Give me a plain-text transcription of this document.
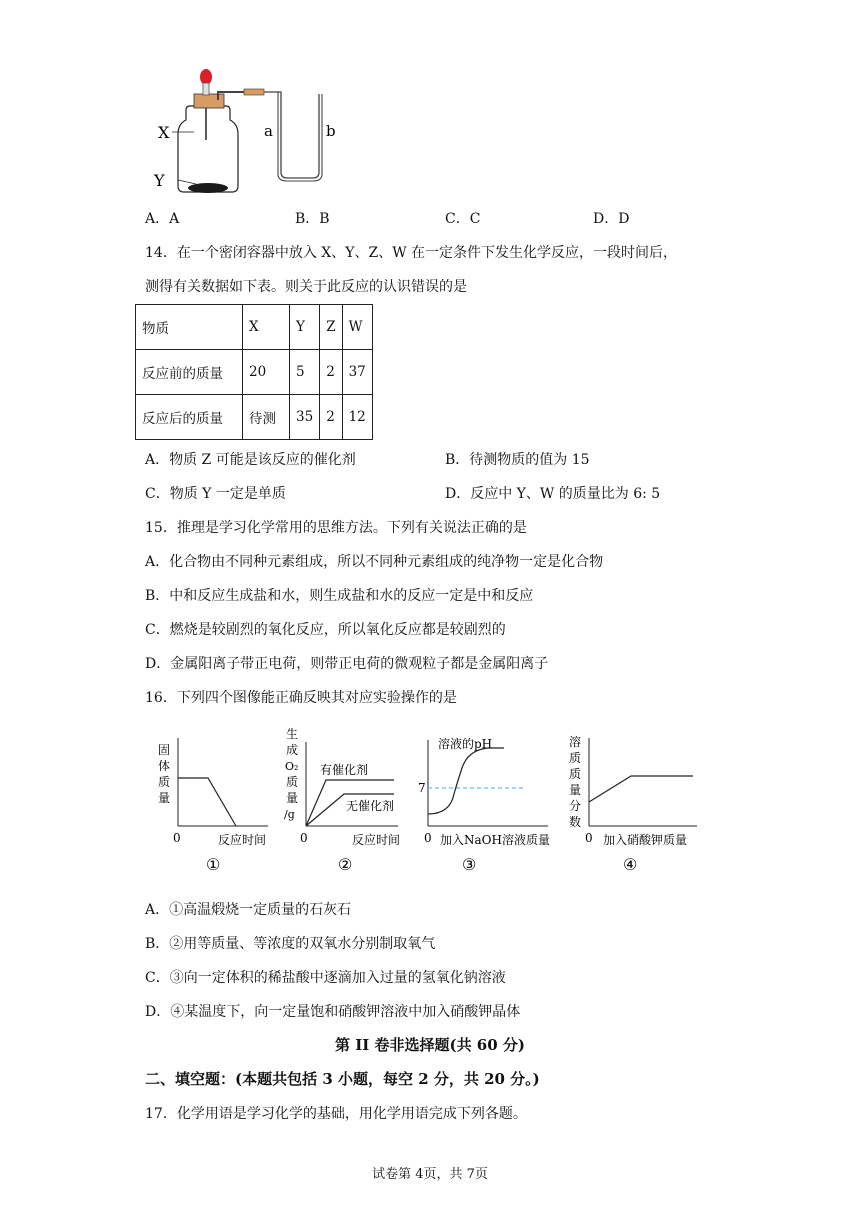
X
Y
a	b
A．A	B．B	C．C	D．D
14．在一个密闭容器中放入 X、Y、Z、W 在一定条件下发生化学反应，一段时间后，
测得有关数据如下表。则关于此反应的认识错误的是
物质	X	Y	Z	W
反应前的质量	20	5	2	37
反应后的质量	待测	35	2	12
A．物质 Z 可能是该反应的催化剂	B．待测物质的值为 15
C．物质 Y 一定是单质	D．反应中 Y、W 的质量比为 6: 5
15．推理是学习化学常用的思维方法。下列有关说法正确的是
A．化合物由不同种元素组成，所以不同种元素组成的纯净物一定是化合物
B．中和反应生成盐和水，则生成盐和水的反应一定是中和反应
C．燃烧是较剧烈的氧化反应，所以氧化反应都是较剧烈的
D．金属阳离子带正电荷，则带正电荷的微观粒子都是金属阳离子
16．下列四个图像能正确反映其对应实验操作的是
固
体
质
量
0	反应时间
①
生
成
O₂
质
量
/g
有催化剂
无催化剂
0	反应时间
②
溶液的pH
7
0 加入NaOH溶液质量
③
溶
质
质
量
分
数
0 加入硝酸钾质量
④
A．①高温煅烧一定质量的石灰石
B．②用等质量、等浓度的双氧水分别制取氧气
C．③向一定体积的稀盐酸中逐滴加入过量的氢氧化钠溶液
D．④某温度下，向一定量饱和硝酸钾溶液中加入硝酸钾晶体
第 II 卷非选择题(共 60 分)
二、填空题：(本题共包括 3 小题，每空 2 分，共 20 分。)
17．化学用语是学习化学的基础，用化学用语完成下列各题。
试卷第 4页，共 7页
